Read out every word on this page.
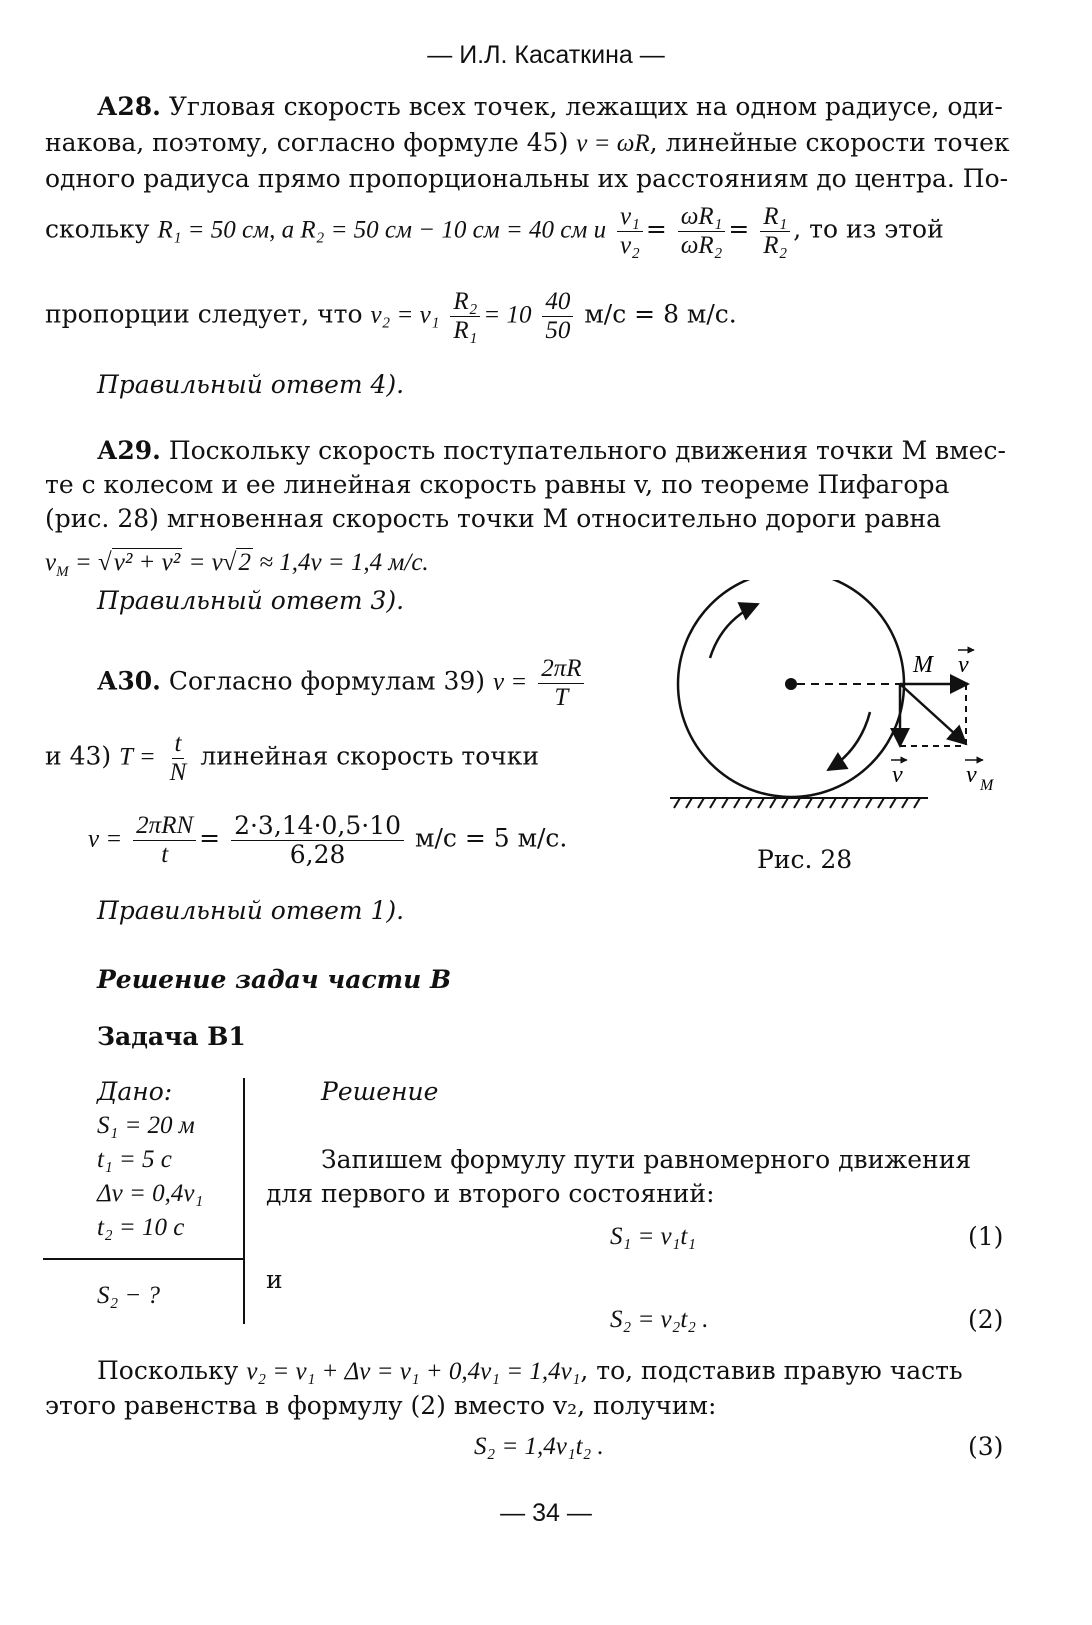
— И.Л. Касаткина —
А28. Угловая скорость всех точек, лежащих на одном радиусе, оди-
накова, поэтому, согласно формуле 45) v = ωR, линейные скорости точек
одного радиуса прямо пропорциональны их расстояниям до центра. По-
скольку R₁ = 50 см, а R₂ = 50 см − 10 см = 40 см и $\frac{\text{v₁}}{\text{v₂}} = \frac{\text{ωR₁}}{\text{ωR₂}} = \frac{\text{R₁}}{\text{R₂}}$ , то из этой
пропорции следует, что $v_2 = v_1 \frac{\text{R₂}}{\text{R₁}} = 10 \frac{40}{50} м/с = 8$ м/с.
Правильный ответ 4).
А29. Поскольку скорость поступательного движения точки M вмес-
те с колесом и ее линейная скорость равны v, по теореме Пифагора
(рис. 28) мгновенная скорость точки M относительно дороги равна
$v_M = √v^2 + v^2 = v√2 \approx 1,4v = 1,4$ м/с.
Правильный ответ 3).
M v
v	v M
Рис. 28
А30. Согласно формулам 39) $v = \frac{2\pi R}{T}$
и 43) $T = \frac{t}{N}$ линейная скорость точки
$v = \frac{\text{2πRN}}{t} = \frac{2\cdot 3,14\cdot 0,5\cdot 10}{6,28} м/с = 5$ м/с.
Правильный ответ 1).
Решение задач части В
Задача В1
Дано:
S₁ = 20 м
t₁ = 5 с
Δv = 0,4v₁
t₂ = 10 с
S₂ − ?
Решение
Запишем формулу пути равномерного движения
для первого и второго состояний:
S₁ = v₁t₁	(1)
и
S₂ = v₂t₂ .	(2)
Поскольку v₂ = v₁ + Δv = v₁ + 0,4v₁ = 1,4v₁, то, подставив правую часть
этого равенства в формулу (2) вместо v₂, получим:
S₂ = 1,4v₁t₂ .	(3)
— 34 —
